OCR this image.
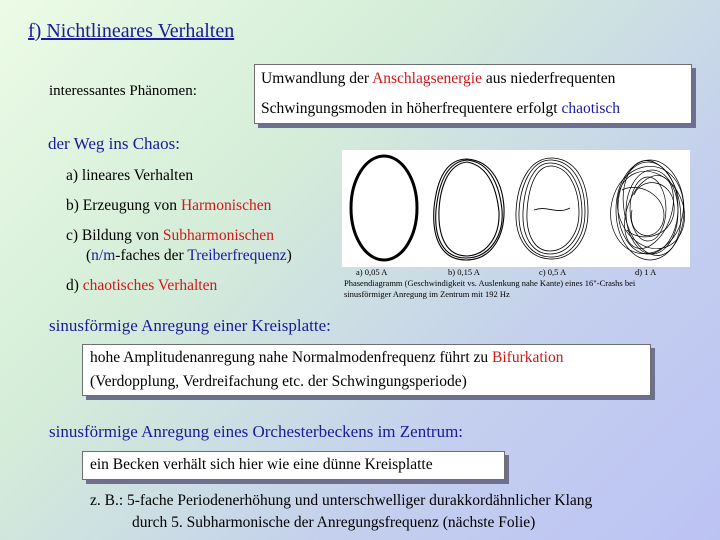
f) Nichtlineares Verhalten
interessantes Phänomen:
Umwandlung der Anschlagsenergie aus niederfrequenten
Schwingungsmoden in höherfrequentere erfolgt chaotisch
der Weg ins Chaos:
a) lineares Verhalten
b) Erzeugung von Harmonischen
c) Bildung von Subharmonischen
(n/m-faches der Treiberfrequenz)
d) chaotisches Verhalten
a) 0,05 A	b) 0,15 A	c) 0,5 A	d) 1 A
Phasendiagramm (Geschwindigkeit vs. Auslenkung nahe Kante) eines 16"-Crashs bei
sinusförmiger Anregung im Zentrum mit 192 Hz
sinusförmige Anregung einer Kreisplatte:
hohe Amplitudenanregung nahe Normalmodenfrequenz führt zu Bifurkation
(Verdopplung, Verdreifachung etc. der Schwingungsperiode)
sinusförmige Anregung eines Orchesterbeckens im Zentrum:
ein Becken verhält sich hier wie eine dünne Kreisplatte
z. B.: 5-fache Periodenerhöhung und unterschwelliger durakkordähnlicher Klang
durch 5. Subharmonische der Anregungsfrequenz (nächste Folie)
